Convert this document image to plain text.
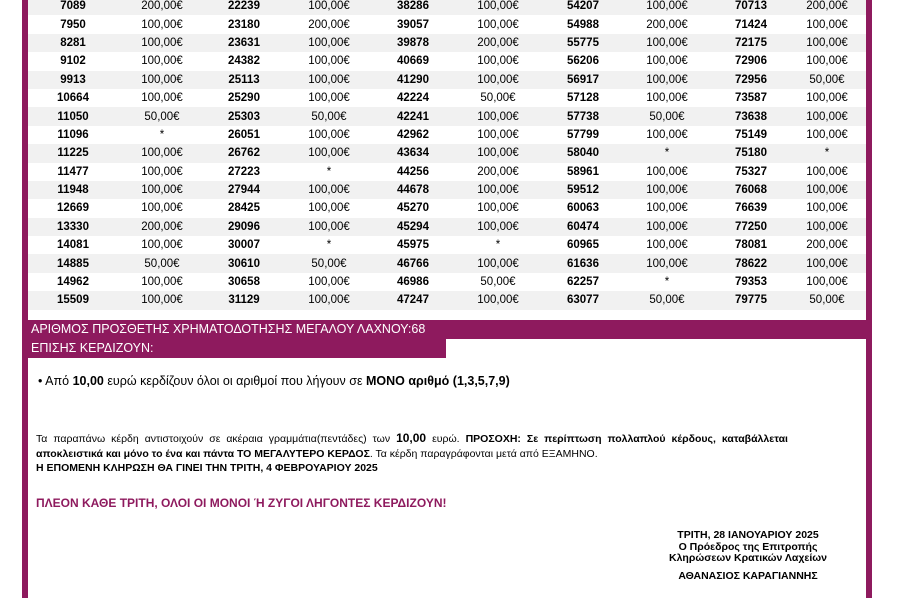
7089	200,00€	22239	100,00€	38286	100,00€	54207	100,00€	70713	200,00€
7950	100,00€	23180	200,00€	39057	100,00€	54988	200,00€	71424	100,00€
8281	100,00€	23631	100,00€	39878	200,00€	55775	100,00€	72175	100,00€
9102	100,00€	24382	100,00€	40669	100,00€	56206	100,00€	72906	100,00€
9913	100,00€	25113	100,00€	41290	100,00€	56917	100,00€	72956	50,00€
10664	100,00€	25290	100,00€	42224	50,00€	57128	100,00€	73587	100,00€
11050	50,00€	25303	50,00€	42241	100,00€	57738	50,00€	73638	100,00€
11096	*	26051	100,00€	42962	100,00€	57799	100,00€	75149	100,00€
11225	100,00€	26762	100,00€	43634	100,00€	58040	*	75180	*
11477	100,00€	27223	*	44256	200,00€	58961	100,00€	75327	100,00€
11948	100,00€	27944	100,00€	44678	100,00€	59512	100,00€	76068	100,00€
12669	100,00€	28425	100,00€	45270	100,00€	60063	100,00€	76639	100,00€
13330	200,00€	29096	100,00€	45294	100,00€	60474	100,00€	77250	100,00€
14081	100,00€	30007	*	45975	*	60965	100,00€	78081	200,00€
14885	50,00€	30610	50,00€	46766	100,00€	61636	100,00€	78622	100,00€
14962	100,00€	30658	100,00€	46986	50,00€	62257	*	79353	100,00€
15509	100,00€	31129	100,00€	47247	100,00€	63077	50,00€	79775	50,00€
ΑΡΙΘΜΟΣ ΠΡΟΣΘΕΤΗΣ ΧΡΗΜΑΤΟΔΟΤΗΣΗΣ ΜΕΓΑΛΟΥ ΛΑΧΝΟΥ:68
ΕΠΙΣΗΣ ΚΕΡΔΙΖΟΥΝ:
• Από 10,00 ευρώ κερδίζουν όλοι οι αριθμοί που λήγουν σε ΜΟΝΟ αριθμό (1,3,5,7,9)
Τα παραπάνω κέρδη αντιστοιχούν σε ακέραια γραμμάτια(πεντάδες) των 10,00 ευρώ. ΠΡΟΣΟΧΗ: Σε περίπτωση πολλαπλού κέρδους, καταβάλλεται αποκλειστικά και μόνο το ένα και πάντα ΤΟ ΜΕΓΑΛΥΤΕΡΟ ΚΕΡΔΟΣ. Τα κέρδη παραγράφονται μετά από ΕΞΑΜΗΝΟ.
Η ΕΠΟΜΕΝΗ ΚΛΗΡΩΣΗ ΘΑ ΓΙΝΕΙ ΤΗΝ ΤΡΙΤΗ, 4 ΦΕΒΡΟΥΑΡΙΟΥ 2025
ΠΛΕΟΝ ΚΑΘΕ ΤΡΙΤΗ, ΟΛΟΙ ΟΙ ΜΟΝΟΙ Ή ΖΥΓΟΙ ΛΗΓΟΝΤΕΣ ΚΕΡΔΙΖΟΥΝ!
ΤΡΙΤΗ, 28 ΙΑΝΟΥΑΡΙΟΥ 2025
Ο Πρόεδρος της Επιτροπής
Κληρώσεων Κρατικών Λαχείων
ΑΘΑΝΑΣΙΟΣ ΚΑΡΑΓΙΑΝΝΗΣ
